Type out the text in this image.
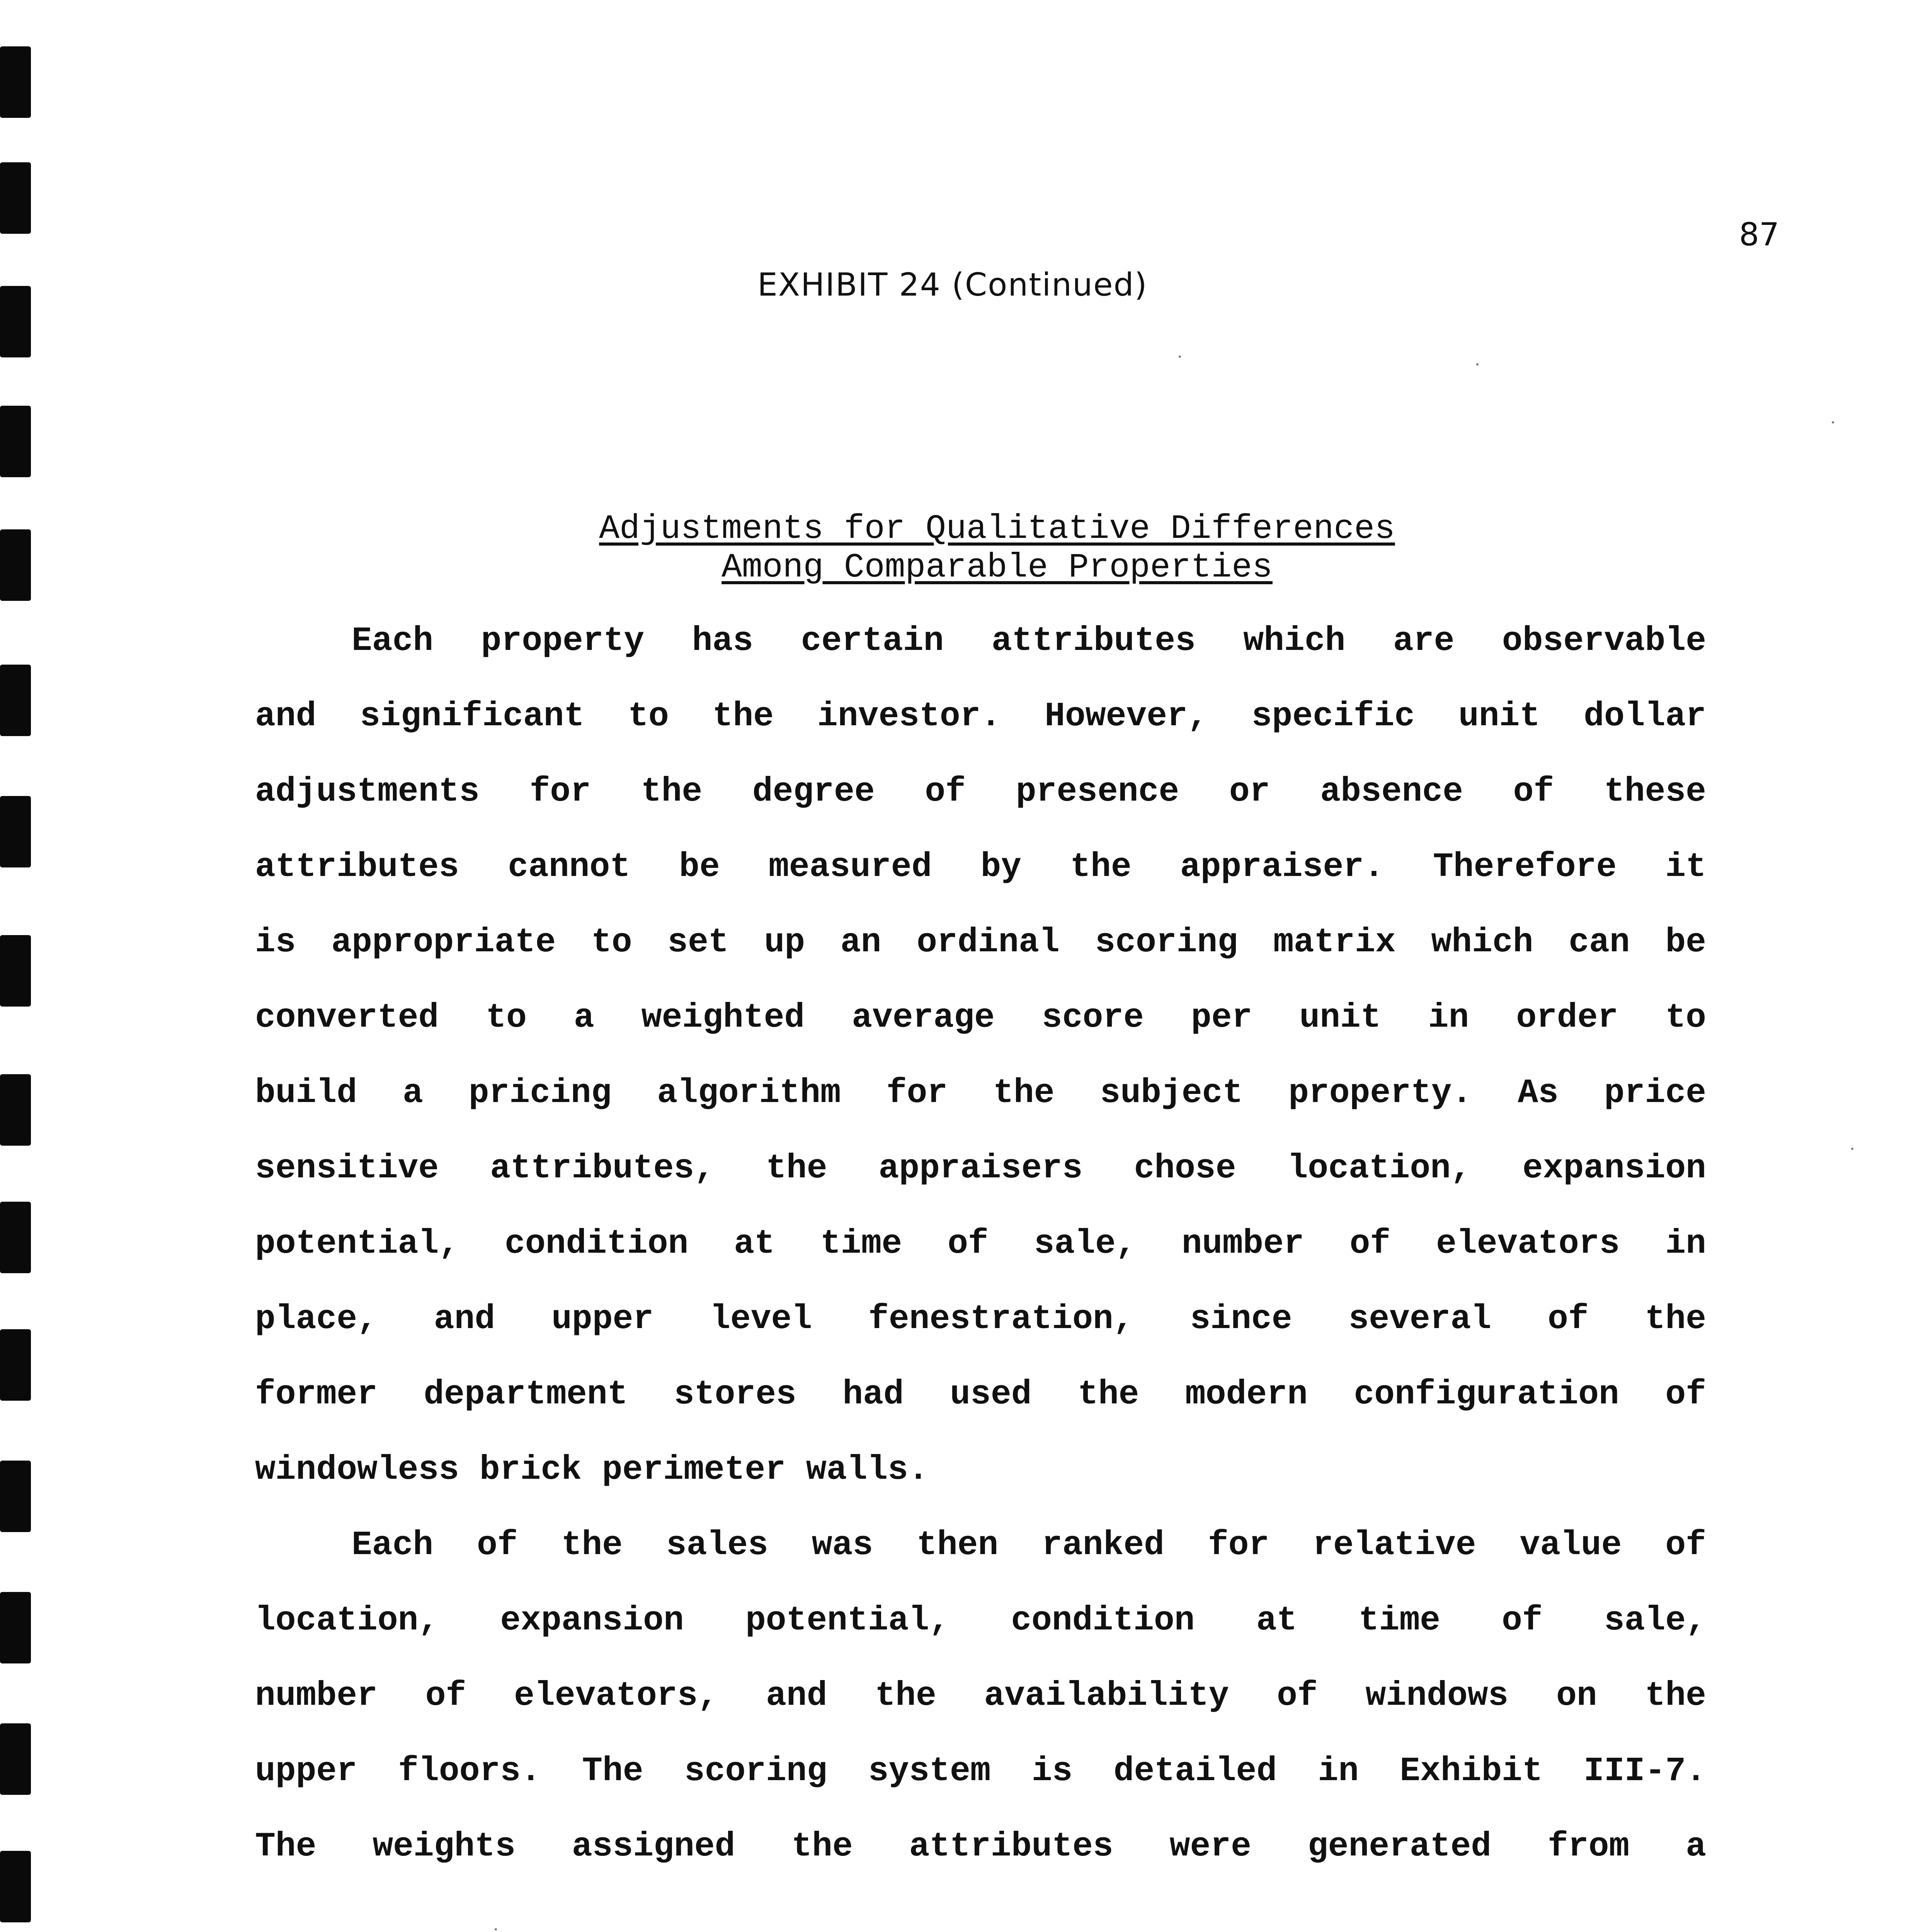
87
EXHIBIT 24 (Continued)
Adjustments for Qualitative Differences
Among Comparable Properties
Each property has certain attributes which are observable
and significant to the investor. However, specific unit dollar
adjustments for the degree of presence or absence of these
attributes cannot be measured by the appraiser. Therefore it
is appropriate to set up an ordinal scoring matrix which can be
converted to a weighted average score per unit in order to
build a pricing algorithm for the subject property. As price
sensitive attributes, the appraisers chose location, expansion
potential, condition at time of sale, number of elevators in
place, and upper level fenestration, since several of the
former department stores had used the modern configuration of
windowless brick perimeter walls.
Each of the sales was then ranked for relative value of
location, expansion potential, condition at time of sale,
number of elevators, and the availability of windows on the
upper floors. The scoring system is detailed in Exhibit III-7.
The weights assigned the attributes were generated from a
